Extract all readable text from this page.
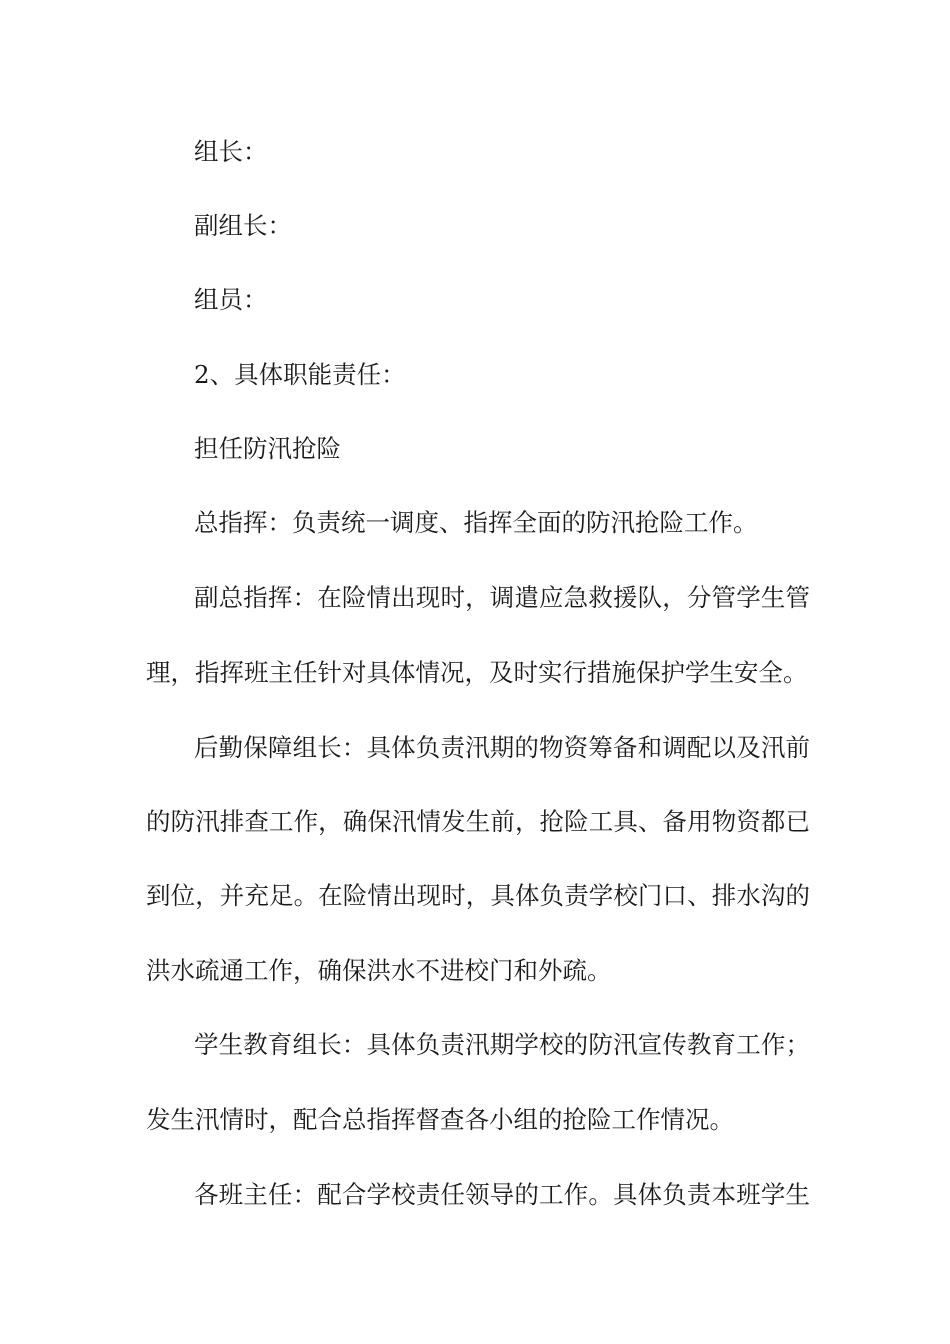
组长：

副组长：

组员：

2、具体职能责任：

担任防汛抢险

总指挥：负责统一调度、指挥全面的防汛抢险工作。

副总指挥：在险情出现时，调遣应急救援队，分管学生管

理，指挥班主任针对具体情况，及时实行措施保护学生安全。

后勤保障组长：具体负责汛期的物资筹备和调配以及汛前

的防汛排查工作，确保汛情发生前，抢险工具、备用物资都已

到位，并充足。在险情出现时，具体负责学校门口、排水沟的

洪水疏通工作，确保洪水不进校门和外疏。

学生教育组长：具体负责汛期学校的防汛宣传教育工作；

发生汛情时，配合总指挥督查各小组的抢险工作情况。

各班主任：配合学校责任领导的工作。具体负责本班学生
